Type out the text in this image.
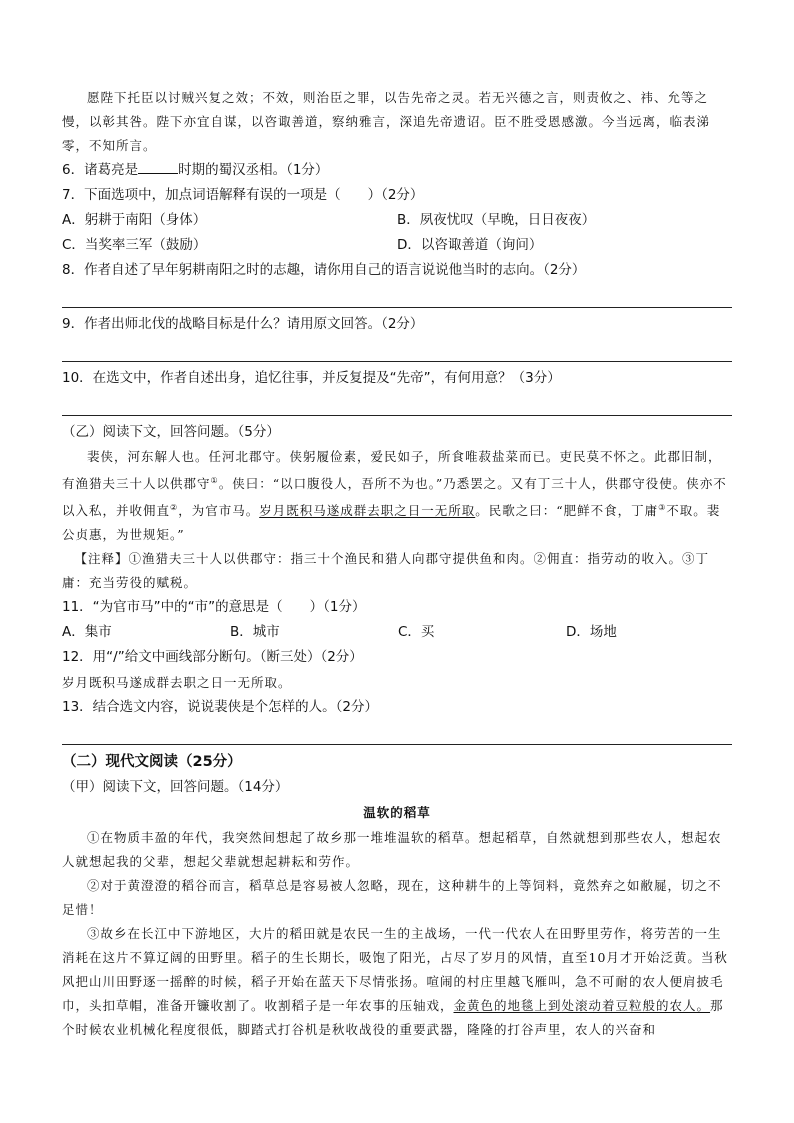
愿陛下托臣以讨贼兴复之效；不效，则治臣之罪，以告先帝之灵。若无兴德之言，则责攸之、祎、允等之慢，以彰其咎。陛下亦宜自谋，以咨诹善道，察纳雅言，深追先帝遗诏。臣不胜受恩感激。今当远离，临表涕零，不知所言。

6．诸葛亮是	时期的蜀汉丞相。（1分）

7．下面选项中，加点词语解释有误的一项是（　　）（2分）

A．躬耕于南阳（身体）	B．夙夜忧叹（早晚，日日夜夜）
C．当奖率三军（鼓励）	D．以咨诹善道（询问）

8．作者自述了早年躬耕南阳之时的志趣，请你用自己的语言说说他当时的志向。（2分）

9．作者出师北伐的战略目标是什么？请用原文回答。（2分）

10．在选文中，作者自述出身，追忆往事，并反复提及“先帝”，有何用意？（3分）

（乙）阅读下文，回答问题。（5分）

裴侠，河东解人也。任河北郡守。侠躬履俭素，爱民如子，所食唯菽盐菜而已。吏民莫不怀之。此郡旧制，有渔猎夫三十人以供郡守①。侠曰：“以口腹役人，吾所不为也。”乃悉罢之。又有丁三十人，供郡守役使。侠亦不以入私，并收佣直②，为官市马。岁月既积马遂成群去职之日一无所取。民歌之曰：“肥鲜不食，丁庸③不取。裴公贞惠，为世规矩。”

【注释】①渔猎夫三十人以供郡守：指三十个渔民和猎人向郡守提供鱼和肉。②佣直：指劳动的收入。③丁庸：充当劳役的赋税。

11．“为官市马”中的“市”的意思是（　　）（1分）

A．集市	B．城市	C．买	D．场地

12．用“/”给文中画线部分断句。（断三处）（2分）

岁月既积马遂成群去职之日一无所取。

13．结合选文内容，说说裴侠是个怎样的人。（2分）

（二）现代文阅读（25分）

（甲）阅读下文，回答问题。（14分）

温软的稻草

①在物质丰盈的年代，我突然间想起了故乡那一堆堆温软的稻草。想起稻草，自然就想到那些农人，想起农人就想起我的父辈，想起父辈就想起耕耘和劳作。

②对于黄澄澄的稻谷而言，稻草总是容易被人忽略，现在，这种耕牛的上等饲料，竟然弃之如敝屣，切之不足惜！

③故乡在长江中下游地区，大片的稻田就是农民一生的主战场，一代一代农人在田野里劳作，将劳苦的一生消耗在这片不算辽阔的田野里。稻子的生长期长，吸饱了阳光，占尽了岁月的风情，直至10月才开始泛黄。当秋风把山川田野逐一摇醉的时候，稻子开始在蓝天下尽情张扬。喧闹的村庄里越飞雁叫，急不可耐的农人便肩披毛巾，头扣草帽，准备开镰收割了。收割稻子是一年农事的压轴戏，金黄色的地毯上到处滚动着豆粒般的农人。那个时候农业机械化程度很低，脚踏式打谷机是秋收战役的重要武器，隆隆的打谷声里，农人的兴奋和
